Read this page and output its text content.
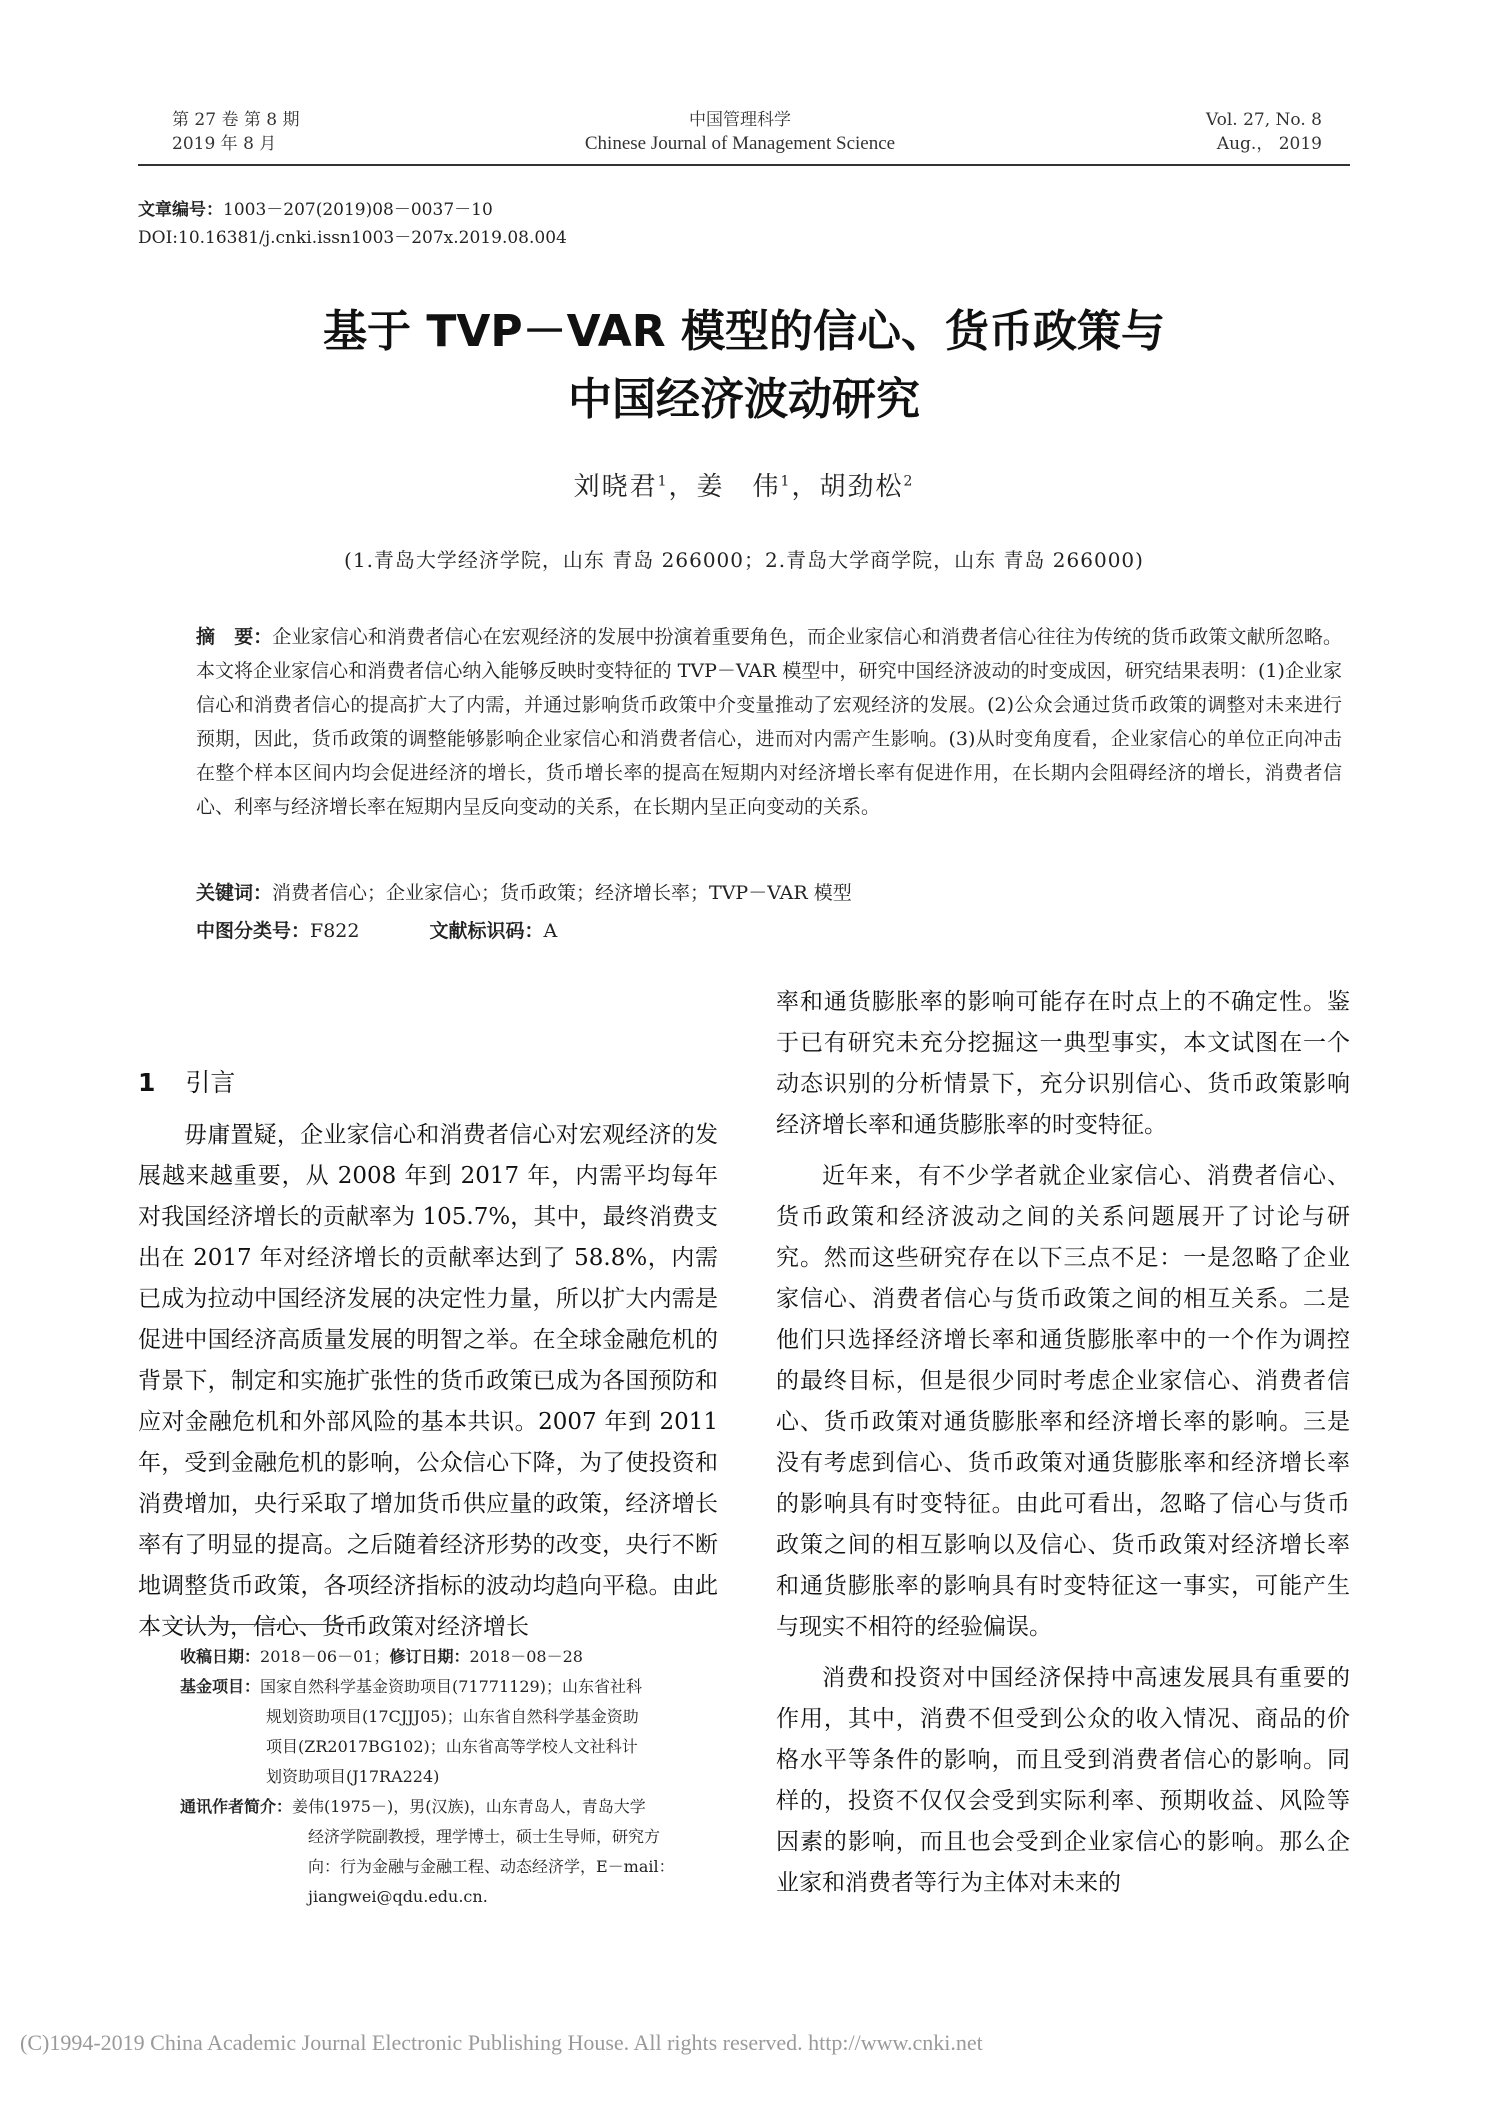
第 27 卷 第 8 期
2019 年 8 月
中国管理科学
Chinese Journal of Management Science
Vol. 27, No. 8
Aug.， 2019
文章编号：1003－207(2019)08－0037－10
DOI:10.16381/j.cnki.issn1003－207x.2019.08.004
基于 TVP－VAR 模型的信心、货币政策与
中国经济波动研究
刘晓君$^1$，姜　伟$^1$，胡劲松$^2$
(1.青岛大学经济学院，山东 青岛 266000；2.青岛大学商学院，山东 青岛 266000)
摘　要：企业家信心和消费者信心在宏观经济的发展中扮演着重要角色，而企业家信心和消费者信心往往为传统的货币政策文献所忽略。本文将企业家信心和消费者信心纳入能够反映时变特征的 TVP－VAR 模型中，研究中国经济波动的时变成因，研究结果表明：(1)企业家信心和消费者信心的提高扩大了内需，并通过影响货币政策中介变量推动了宏观经济的发展。(2)公众会通过货币政策的调整对未来进行预期，因此，货币政策的调整能够影响企业家信心和消费者信心，进而对内需产生影响。(3)从时变角度看，企业家信心的单位正向冲击在整个样本区间内均会促进经济的增长，货币增长率的提高在短期内对经济增长率有促进作用，在长期内会阻碍经济的增长，消费者信心、利率与经济增长率在短期内呈反向变动的关系，在长期内呈正向变动的关系。
关键词：消费者信心；企业家信心；货币政策；经济增长率；TVP－VAR 模型
中图分类号：F822	文献标识码：A
1 引言

毋庸置疑，企业家信心和消费者信心对宏观经济的发展越来越重要，从 2008 年到 2017 年，内需平均每年对我国经济增长的贡献率为 105.7%，其中，最终消费支出在 2017 年对经济增长的贡献率达到了 58.8%，内需已成为拉动中国经济发展的决定性力量，所以扩大内需是促进中国经济高质量发展的明智之举。在全球金融危机的背景下，制定和实施扩张性的货币政策已成为各国预防和应对金融危机和外部风险的基本共识。2007 年到 2011 年，受到金融危机的影响，公众信心下降，为了使投资和消费增加，央行采取了增加货币供应量的政策，经济增长率有了明显的提高。之后随着经济形势的改变，央行不断地调整货币政策，各项经济指标的波动均趋向平稳。由此本文认为，信心、货币政策对经济增长

率和通货膨胀率的影响可能存在时点上的不确定性。鉴于已有研究未充分挖掘这一典型事实，本文试图在一个动态识别的分析情景下，充分识别信心、货币政策影响经济增长率和通货膨胀率的时变特征。

近年来，有不少学者就企业家信心、消费者信心、货币政策和经济波动之间的关系问题展开了讨论与研究。然而这些研究存在以下三点不足：一是忽略了企业家信心、消费者信心与货币政策之间的相互关系。二是他们只选择经济增长率和通货膨胀率中的一个作为调控的最终目标，但是很少同时考虑企业家信心、消费者信心、货币政策对通货膨胀率和经济增长率的影响。三是没有考虑到信心、货币政策对通货膨胀率和经济增长率的影响具有时变特征。由此可看出，忽略了信心与货币政策之间的相互影响以及信心、货币政策对经济增长率和通货膨胀率的影响具有时变特征这一事实，可能产生与现实不相符的经验偏误。

消费和投资对中国经济保持中高速发展具有重要的作用，其中，消费不但受到公众的收入情况、商品的价格水平等条件的影响，而且受到消费者信心的影响。同样的，投资不仅仅会受到实际利率、预期收益、风险等因素的影响，而且也会受到企业家信心的影响。那么企业家和消费者等行为主体对未来的

收稿日期：2018－06－01；修订日期：2018－08－28
基金项目：国家自然科学基金资助项目(71771129)；山东省社科
规划资助项目(17CJJJ05)；山东省自然科学基金资助
项目(ZR2017BG102)；山东省高等学校人文社科计
划资助项目(J17RA224)
通讯作者简介：姜伟(1975－)，男(汉族)，山东青岛人，青岛大学
经济学院副教授，理学博士，硕士生导师，研究方
向：行为金融与金融工程、动态经济学，E－mail：
jiangwei@qdu.edu.cn.
(C)1994-2019 China Academic Journal Electronic Publishing House. All rights reserved. http://www.cnki.net
